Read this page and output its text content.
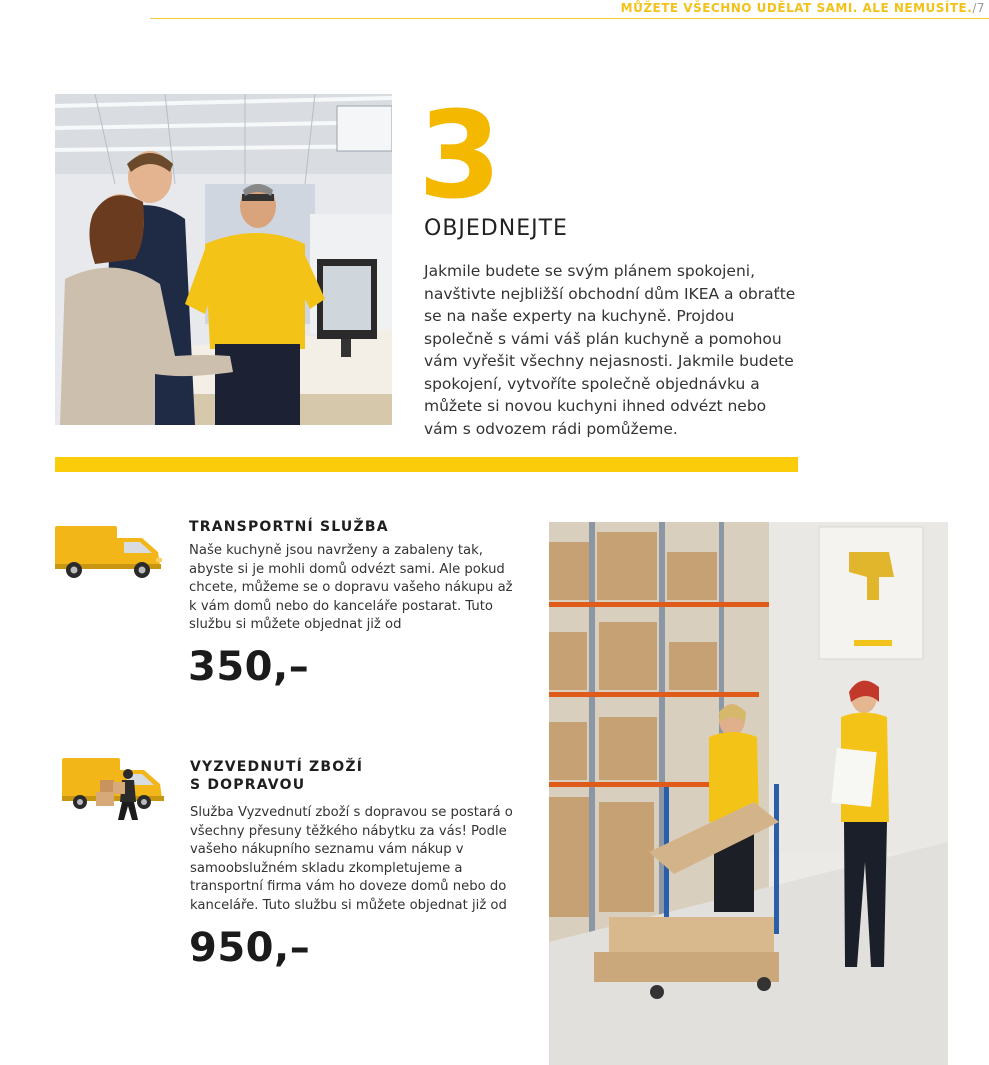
MŮŽETE VŠECHNO UDĚLAT SAMI. ALE NEMUSÍTE./7
3
OBJEDNEJTE
Jakmile budete se svým plánem spokojeni, navštivte nejbližší obchodní dům IKEA a obraťte se na naše experty na kuchyně. Projdou společně s vámi váš plán kuchyně a pomohou vám vyřešit všechny nejasnosti. Jakmile budete spokojení, vytvoříte společně objednávku a můžete si novou kuchyni ihned odvézt nebo vám s odvozem rádi pomůžeme.
TRANSPORTNÍ SLUŽBA
Naše kuchyně jsou navrženy a zabaleny tak, abyste si je mohli domů odvézt sami. Ale pokud chcete, můžeme se o dopravu vašeho nákupu až k vám domů nebo do kanceláře postarat. Tuto službu si můžete objednat již od
350,–
VYZVEDNUTÍ ZBOŽÍ
S DOPRAVOU
Služba Vyzvednutí zboží s dopravou se postará o všechny přesuny těžkého nábytku za vás! Podle vašeho nákupního seznamu vám nákup v samoobslužném skladu zkompletujeme a transportní firma vám ho doveze domů nebo do kanceláře. Tuto službu si můžete objednat již od
950,–
